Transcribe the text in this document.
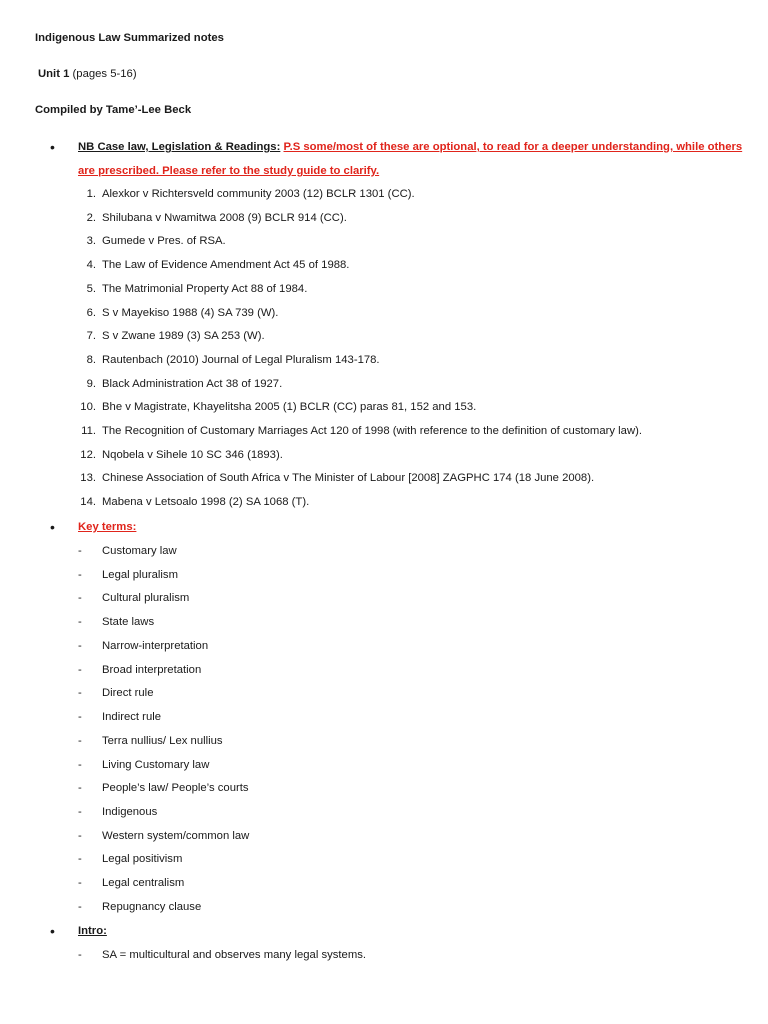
Indigenous Law Summarized notes
Unit 1 (pages 5-16)
Compiled by Tame’-Lee Beck
• NB Case law, Legislation & Readings: P.S some/most of these are optional, to read for a deeper understanding, while others
are prescribed. Please refer to the study guide to clarify.
1. Alexkor v Richtersveld community 2003 (12) BCLR 1301 (CC).
2. Shilubana v Nwamitwa 2008 (9) BCLR 914 (CC).
3. Gumede v Pres. of RSA.
4. The Law of Evidence Amendment Act 45 of 1988.
5. The Matrimonial Property Act 88 of 1984.
6. S v Mayekiso 1988 (4) SA 739 (W).
7. S v Zwane 1989 (3) SA 253 (W).
8. Rautenbach (2010) Journal of Legal Pluralism 143-178.
9. Black Administration Act 38 of 1927.
10. Bhe v Magistrate, Khayelitsha 2005 (1) BCLR (CC) paras 81, 152 and 153.
11. The Recognition of Customary Marriages Act 120 of 1998 (with reference to the definition of customary law).
12. Nqobela v Sihele 10 SC 346 (1893).
13. Chinese Association of South Africa v The Minister of Labour [2008] ZAGPHC 174 (18 June 2008).
14. Mabena v Letsoalo 1998 (2) SA 1068 (T).
• Key terms:
- Customary law
- Legal pluralism
- Cultural pluralism
- State laws
- Narrow-interpretation
- Broad interpretation
- Direct rule
- Indirect rule
- Terra nullius/ Lex nullius
- Living Customary law
- People’s law/ People’s courts
- Indigenous
- Western system/common law
- Legal positivism
- Legal centralism
- Repugnancy clause
• Intro:
- SA = multicultural and observes many legal systems.
